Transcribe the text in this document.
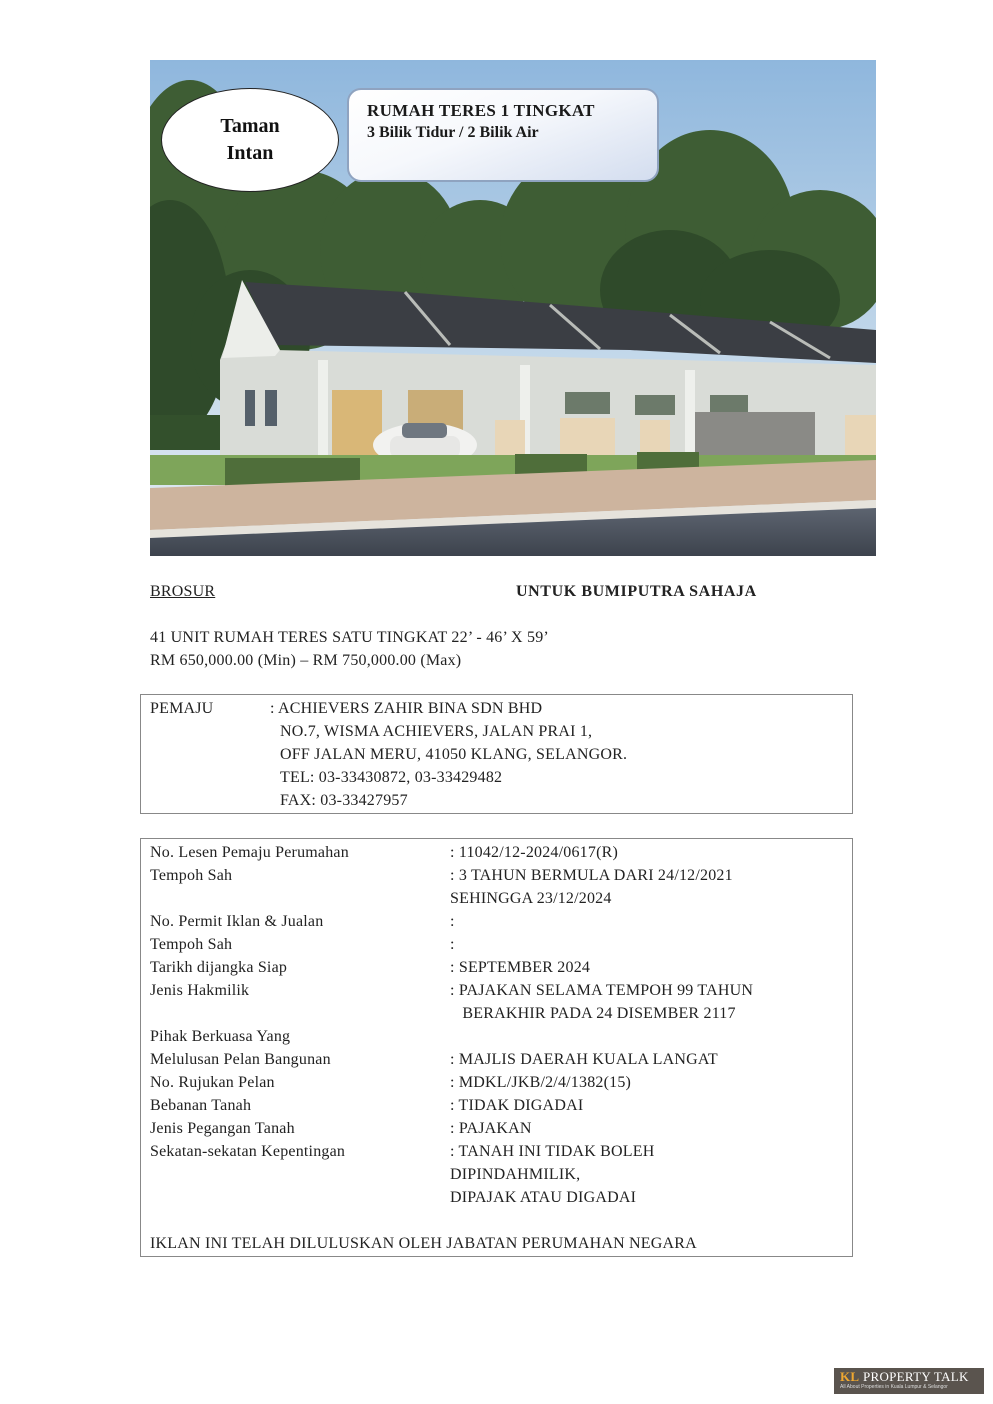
Taman
Intan
RUMAH TERES 1 TINGKAT
3 Bilik Tidur / 2 Bilik Air
BROSUR	UNTUK BUMIPUTRA SAHAJA
41 UNIT RUMAH TERES SATU TINGKAT 22’ - 46’ X 59’
RM 650,000.00 (Min) – RM 750,000.00 (Max)
PEMAJU	: ACHIEVERS ZAHIR BINA SDN BHD
NO.7, WISMA ACHIEVERS, JALAN PRAI 1,
OFF JALAN MERU, 41050 KLANG, SELANGOR.
TEL: 03-33430872, 03-33429482
FAX: 03-33427957
No. Lesen Pemaju Perumahan	: 11042/12-2024/0617(R)
Tempoh Sah	: 3 TAHUN BERMULA DARI 24/12/2021
SEHINGGA 23/12/2024
No. Permit Iklan & Jualan	:
Tempoh Sah	:
Tarikh dijangka Siap	: SEPTEMBER 2024
Jenis Hakmilik	: PAJAKAN SELAMA TEMPOH 99 TAHUN
BERAKHIR PADA 24 DISEMBER 2117
Pihak Berkuasa Yang
Melulusan Pelan Bangunan	: MAJLIS DAERAH KUALA LANGAT
No. Rujukan Pelan	: MDKL/JKB/2/4/1382(15)
Bebanan Tanah	: TIDAK DIGADAI
Jenis Pegangan Tanah	: PAJAKAN
Sekatan-sekatan Kepentingan	: TANAH INI TIDAK BOLEH
DIPINDAHMILIK,
DIPAJAK ATAU DIGADAI
IKLAN INI TELAH DILULUSKAN OLEH JABATAN PERUMAHAN NEGARA
KL PROPERTY TALK
All About Properties in Kuala Lumpur & Selangor
